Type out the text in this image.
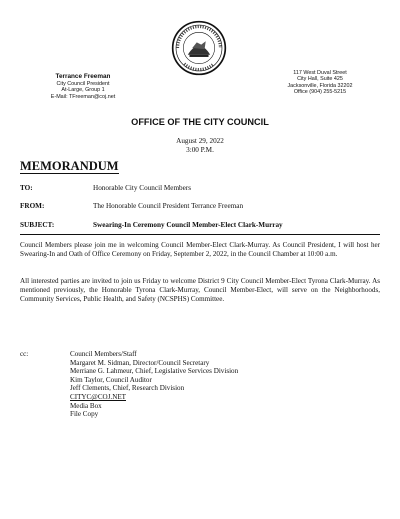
Terrance Freeman
City Council President
At-Large, Group 1
E-Mail: TFreeman@coj.net
117 West Duval Street
City Hall, Suite 425
Jacksonville, Florida 32202
Office (904) 255-5215
OFFICE OF THE CITY COUNCIL
August 29, 2022
3:00 P.M.
MEMORANDUM
TO:	Honorable City Council Members
FROM:	The Honorable Council President Terrance Freeman
SUBJECT:	Swearing-In Ceremony Council Member-Elect Clark-Murray
Council Members please join me in welcoming Council Member-Elect Clark-Murray. As Council President, I will host her Swearing-In and Oath of Office Ceremony on Friday, September 2, 2022, in the Council Chamber at 10:00 a.m.
All interested parties are invited to join us Friday to welcome District 9 City Council Member-Elect Tyrona Clark-Murray. As mentioned previously, the Honorable Tyrona Clark-Murray, Council Member-Elect, will serve on the Neighborhoods, Community Services, Public Health, and Safety (NCSPHS) Committee.
cc:	Council Members/Staff
Margaret M. Sidman, Director/Council Secretary
Merriane G. Lahmeur, Chief, Legislative Services Division
Kim Taylor, Council Auditor
Jeff Clements, Chief, Research Division
CITYC@COJ.NET
Media Box
File Copy
